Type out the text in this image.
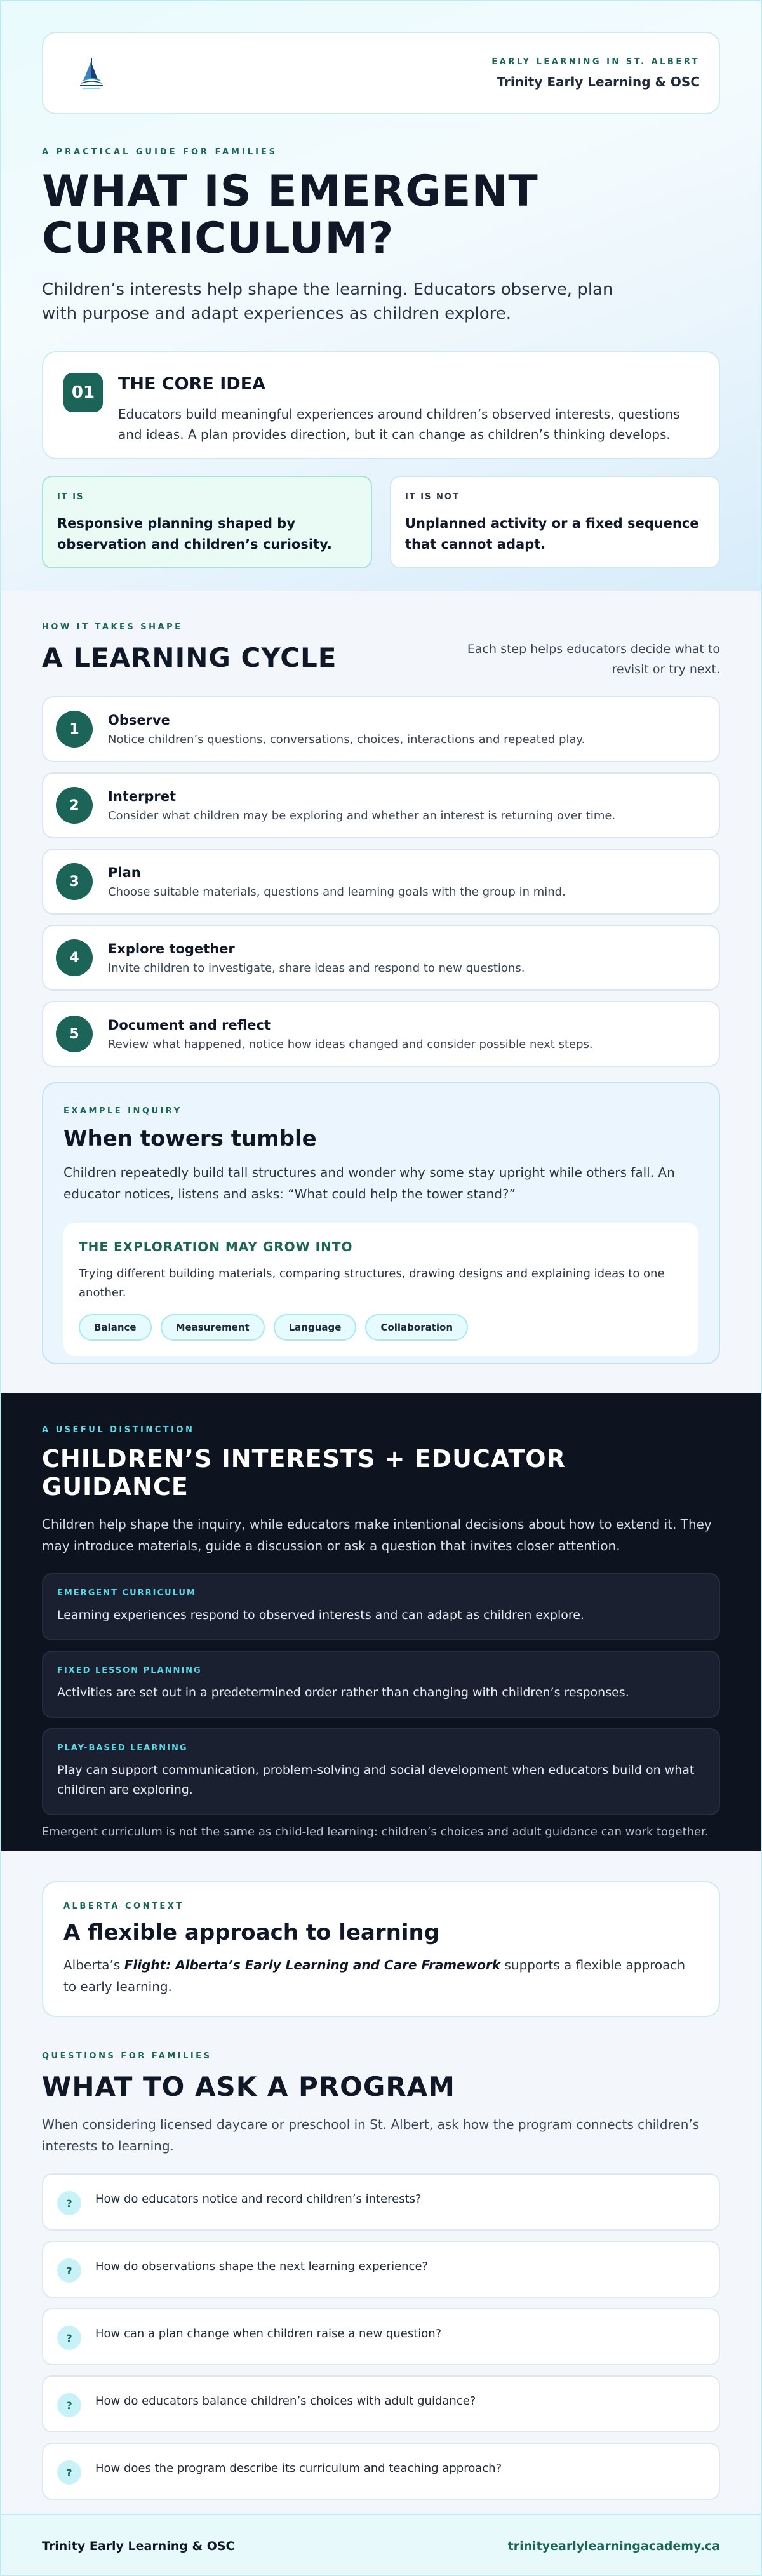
EARLY LEARNING IN ST. ALBERT
Trinity Early Learning & OSC
A PRACTICAL GUIDE FOR FAMILIES
WHAT IS EMERGENT CURRICULUM?

Children’s interests help shape the learning. Educators observe, plan with purpose and adapt experiences as children explore.

01	THE CORE IDEA
Educators build meaningful experiences around children’s observed interests, questions and ideas. A plan provides direction, but it can change as children’s thinking develops.
IT IS
Responsive planning shaped by observation and children’s curiosity.
IT IS NOT
Unplanned activity or a fixed sequence that cannot adapt.
HOW IT TAKES SHAPE
A LEARNING CYCLE	Each step helps educators decide what to revisit or try next.
1
Observe
Notice children’s questions, conversations, choices, interactions and repeated play.
2
Interpret
Consider what children may be exploring and whether an interest is returning over time.
3
Plan
Choose suitable materials, questions and learning goals with the group in mind.
4
Explore together
Invite children to investigate, share ideas and respond to new questions.
5
Document and reflect
Review what happened, notice how ideas changed and consider possible next steps.
EXAMPLE INQUIRY
When towers tumble

Children repeatedly build tall structures and wonder why some stay upright while others fall. An educator notices, listens and asks: “What could help the tower stand?”

THE EXPLORATION MAY GROW INTO
Trying different building materials, comparing structures, drawing designs and explaining ideas to one another.
Balance	Measurement	Language	Collaboration
A USEFUL DISTINCTION
CHILDREN’S INTERESTS + EDUCATOR GUIDANCE

Children help shape the inquiry, while educators make intentional decisions about how to extend it. They may introduce materials, guide a discussion or ask a question that invites closer attention.

EMERGENT CURRICULUM
Learning experiences respond to observed interests and can adapt as children explore.
FIXED LESSON PLANNING
Activities are set out in a predetermined order rather than changing with children’s responses.
PLAY-BASED LEARNING
Play can support communication, problem-solving and social development when educators build on what children are exploring.

Emergent curriculum is not the same as child-led learning: children’s choices and adult guidance can work together.

ALBERTA CONTEXT
A flexible approach to learning

Alberta’s Flight: Alberta’s Early Learning and Care Framework supports a flexible approach to early learning.

QUESTIONS FOR FAMILIES
WHAT TO ASK A PROGRAM

When considering licensed daycare or preschool in St. Albert, ask how the program connects children’s interests to learning.

?	How do educators notice and record children’s interests?
?	How do observations shape the next learning experience?
?	How can a plan change when children raise a new question?
?	How do educators balance children’s choices with adult guidance?
?	How does the program describe its curriculum and teaching approach?
Trinity Early Learning & OSC	trinityearlylearningacademy.ca
